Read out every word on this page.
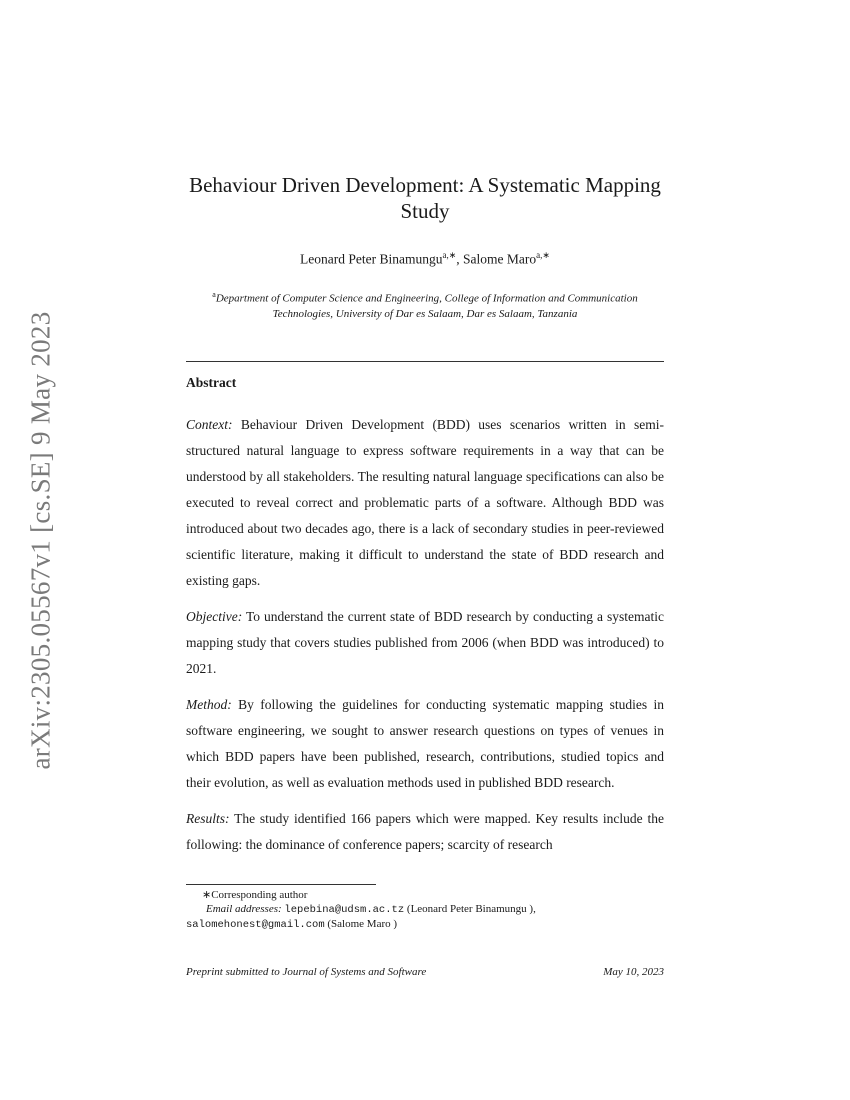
arXiv:2305.05567v1 [cs.SE] 9 May 2023
Behaviour Driven Development: A Systematic Mapping Study
Leonard Peter Binamungu$^{a,∗}$, Salome Maro$^{a,∗}$
$^a$Department of Computer Science and Engineering, College of Information and Communication Technologies, University of Dar es Salaam, Dar es Salaam, Tanzania
Abstract

Context: Behaviour Driven Development (BDD) uses scenarios written in semi-structured natural language to express software requirements in a way that can be understood by all stakeholders. The resulting natural language specifications can also be executed to reveal correct and problematic parts of a software. Although BDD was introduced about two decades ago, there is a lack of secondary studies in peer-reviewed scientific literature, making it difficult to understand the state of BDD research and existing gaps.

Objective: To understand the current state of BDD research by conducting a systematic mapping study that covers studies published from 2006 (when BDD was introduced) to 2021.

Method: By following the guidelines for conducting systematic mapping studies in software engineering, we sought to answer research questions on types of venues in which BDD papers have been published, research, contributions, studied topics and their evolution, as well as evaluation methods used in published BDD research.

Results: The study identified 166 papers which were mapped. Key results include the following: the dominance of conference papers; scarcity of research

∗Corresponding author
Email addresses: lepebina@udsm.ac.tz (Leonard Peter Binamungu ),
salomehonest@gmail.com (Salome Maro )
Preprint submitted to Journal of Systems and Software	May 10, 2023
